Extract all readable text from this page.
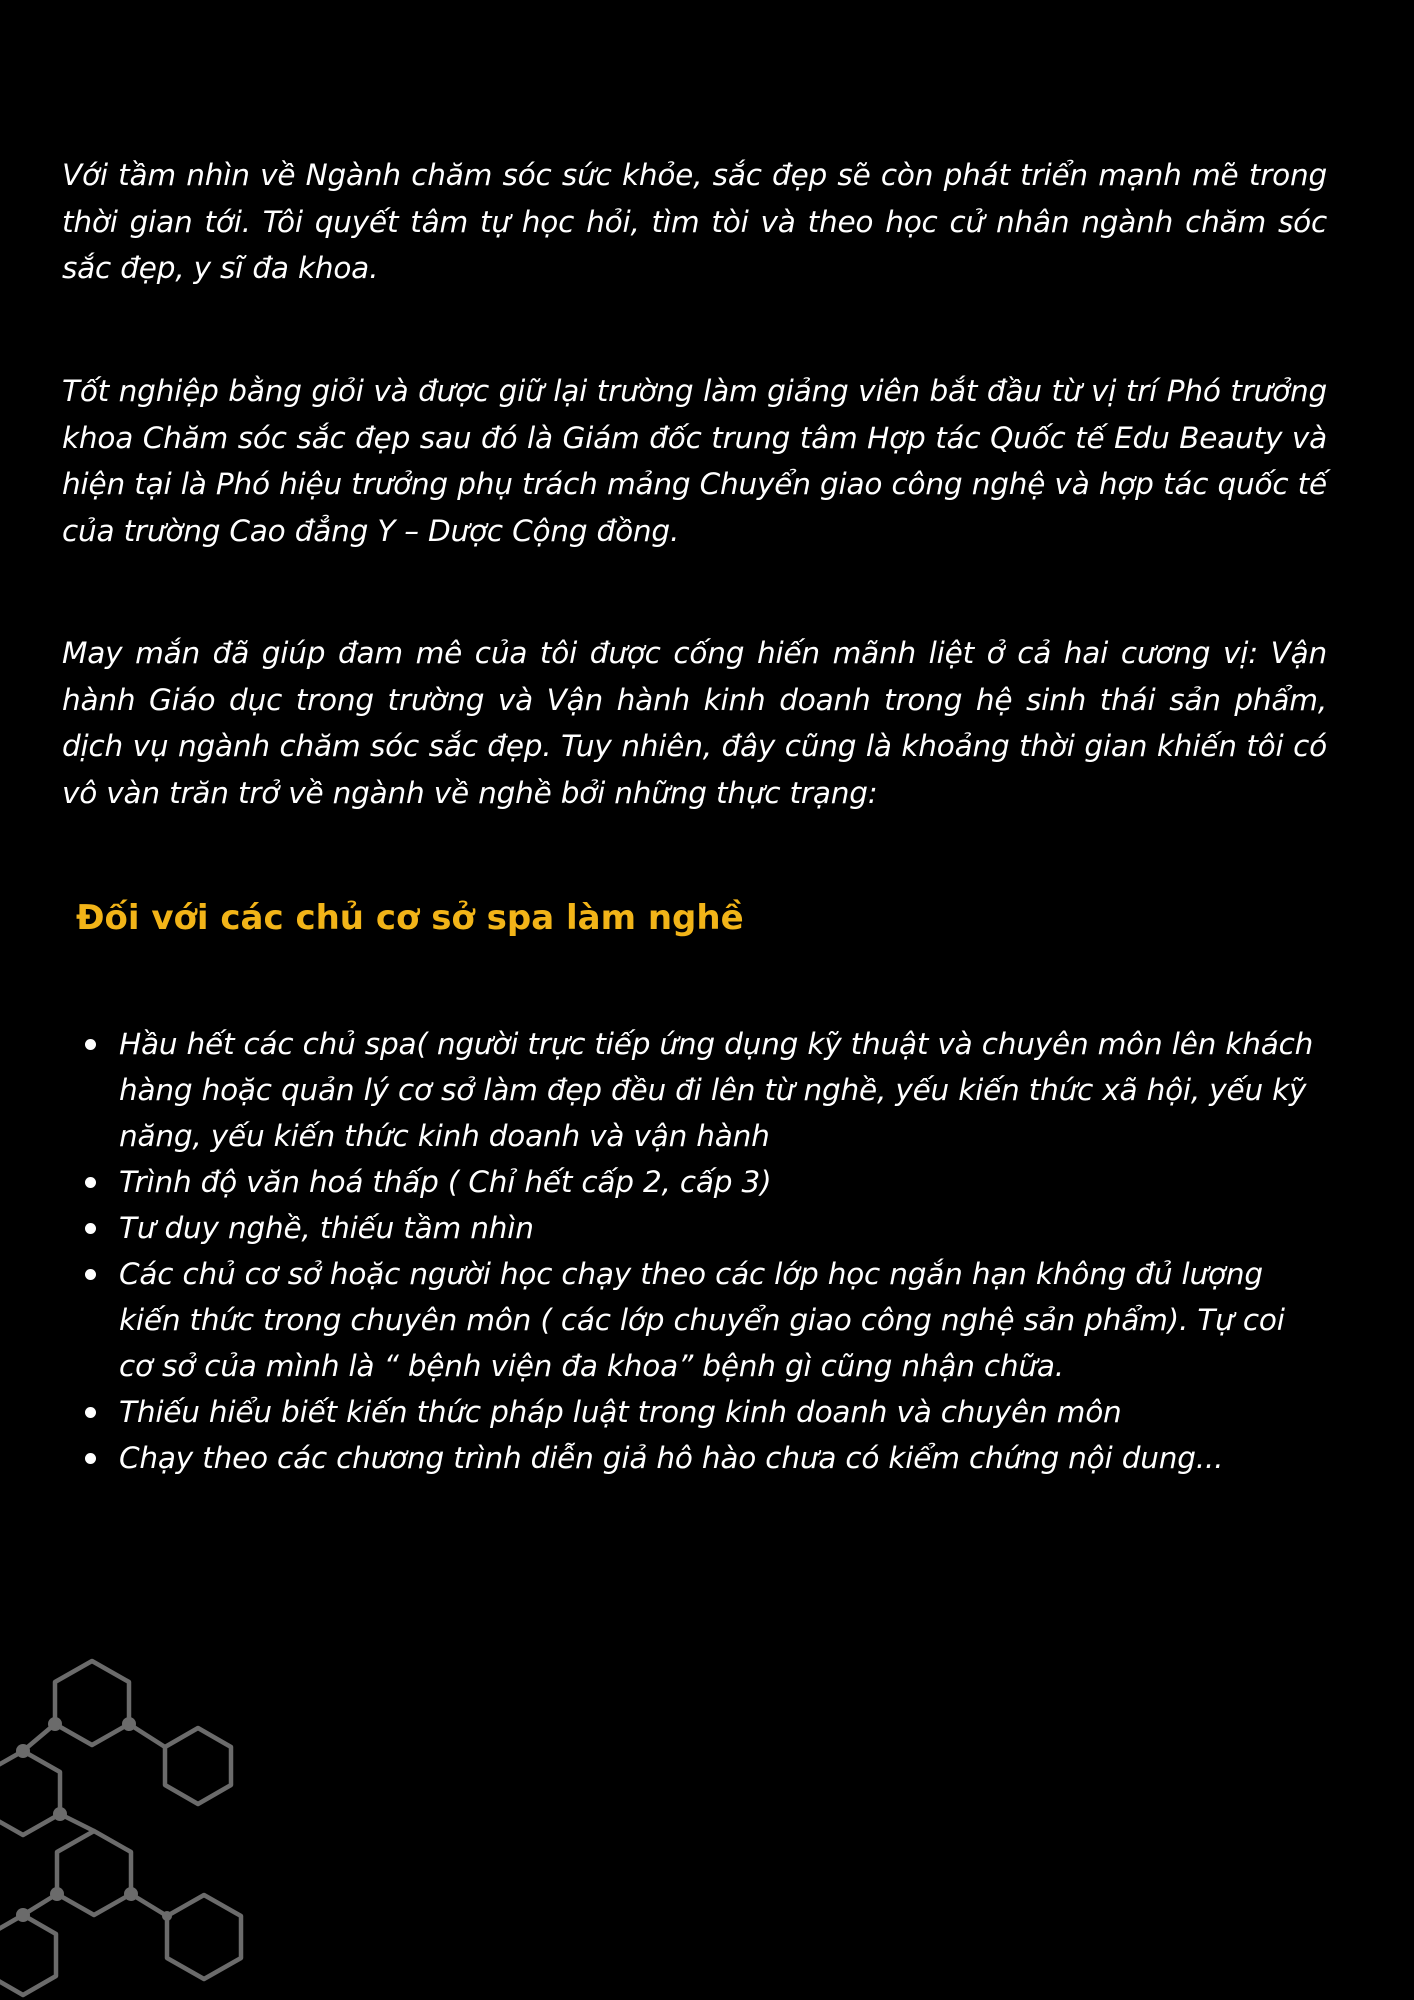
Với tầm nhìn về Ngành chăm sóc sức khỏe, sắc đẹp sẽ còn phát triển mạnh mẽ trong thời gian tới. Tôi quyết tâm tự học hỏi, tìm tòi và theo học cử nhân ngành chăm sóc sắc đẹp, y sĩ đa khoa.

Tốt nghiệp bằng giỏi và được giữ lại trường làm giảng viên bắt đầu từ vị trí Phó trưởng khoa Chăm sóc sắc đẹp sau đó là Giám đốc trung tâm Hợp tác Quốc tế Edu Beauty và hiện tại là Phó hiệu trưởng phụ trách mảng Chuyển giao công nghệ và hợp tác quốc tế của trường Cao đẳng Y – Dược Cộng đồng.

May mắn đã giúp đam mê của tôi được cống hiến mãnh liệt ở cả hai cương vị: Vận hành Giáo dục trong trường và Vận hành kinh doanh trong hệ sinh thái sản phẩm, dịch vụ ngành chăm sóc sắc đẹp. Tuy nhiên, đây cũng là khoảng thời gian khiến tôi có vô vàn trăn trở về ngành về nghề bởi những thực trạng:

Đối với các chủ cơ sở spa làm nghề
Hầu hết các chủ spa( người trực tiếp ứng dụng kỹ thuật và chuyên môn lên khách hàng hoặc quản lý cơ sở làm đẹp đều đi lên từ nghề, yếu kiến thức xã hội, yếu kỹ năng, yếu kiến thức kinh doanh và vận hành
Trình độ văn hoá thấp ( Chỉ hết cấp 2, cấp 3)
Tư duy nghề, thiếu tầm nhìn
Các chủ cơ sở hoặc người học chạy theo các lớp học ngắn hạn không đủ lượng kiến thức trong chuyên môn ( các lớp chuyển giao công nghệ sản phẩm). Tự coi cơ sở của mình là “ bệnh viện đa khoa” bệnh gì cũng nhận chữa.
Thiếu hiểu biết kiến thức pháp luật trong kinh doanh và chuyên môn
Chạy theo các chương trình diễn giả hô hào chưa có kiểm chứng nội dung...
